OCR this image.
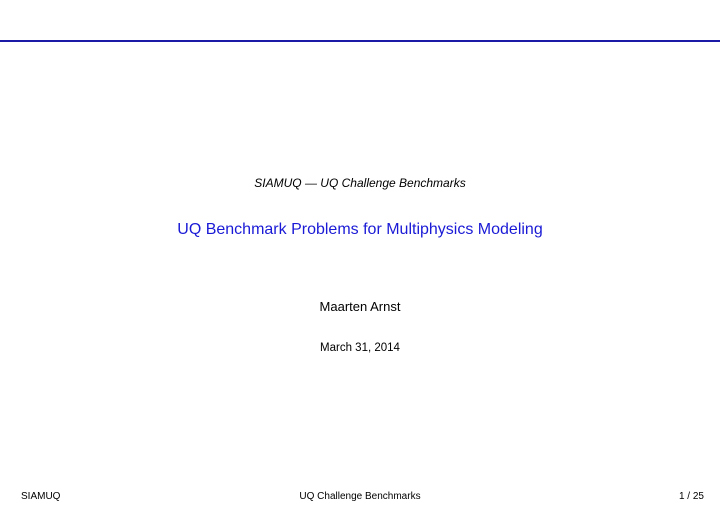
SIAMUQ — UQ Challenge Benchmarks
UQ Benchmark Problems for Multiphysics Modeling
Maarten Arnst
March 31, 2014
UQ Challenge Benchmarks
SIAMUQ	1 / 25
